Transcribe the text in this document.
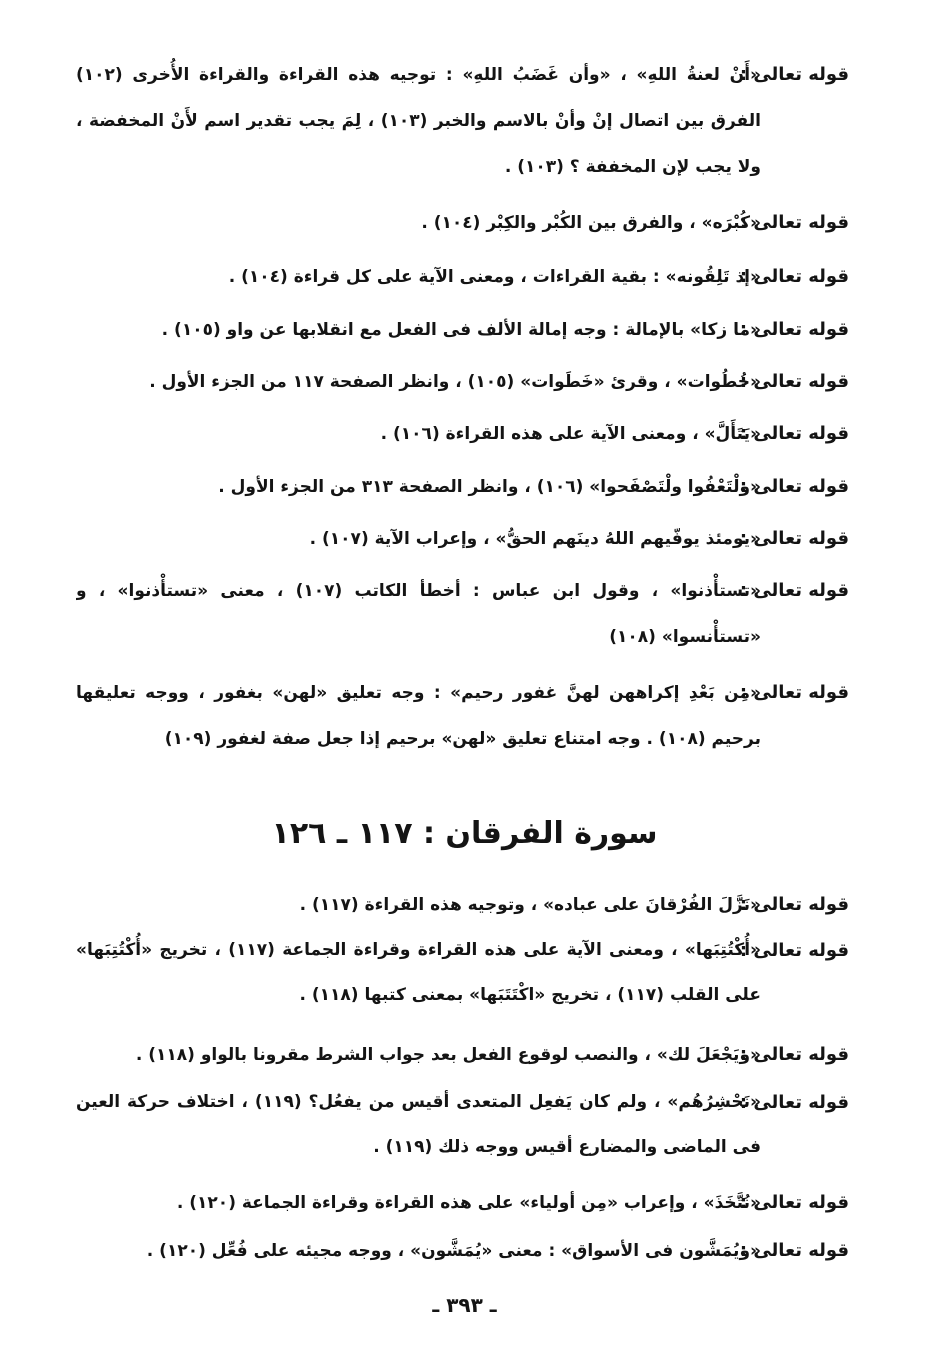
قوله تعالى :
«أَنْ لعنةُ اللهِ» ، «وأن غَضَبُ اللهِ» : توجيه هذه القراءة والقراءة الأُخرى (١٠٢) الفرق بين اتصال إنْ وأنْ بالاسم والخبر (١٠٣) ، لِمَ يجب تقدير اسم لأَنْ المخفضة ، ولا يجب لإن المخففة ؟ (١٠٣) .
قوله تعالى :
«كُبْرَه» ، والفرق بين الكُبْر والكِبْر (١٠٤) .
قوله تعالى :
«إذ تَلِقُونه» : بقية القراءات ، ومعنى الآية على كل قراءة (١٠٤) .
قوله تعالى :
«ما زكا» بالإمالة : وجه إمالة الألف فى الفعل مع انقلابها عن واو (١٠٥) .
قوله تعالى :
«خُطُوات» ، وقرئ «خَطَوات» (١٠٥) ، وانظر الصفحة ١١٧ من الجزء الأول .
قوله تعالى :
«يَتَأَلَّ» ، ومعنى الآية على هذه القراءة (١٠٦) .
قوله تعالى :
«ولْتَعْفُوا ولْتَصْفَحوا» (١٠٦) ، وانظر الصفحة ٣١٣ من الجزء الأول .
قوله تعالى :
«يومئذ يوفّيهم اللهُ دينَهم الحقُّ» ، وإعراب الآية (١٠٧) .
قوله تعالى :
«تستأْذنوا» ، وقول ابن عباس : أخطأ الكاتب (١٠٧) ، معنى «تستأْذنوا» ، و «تستأْنسوا» (١٠٨)
قوله تعالى :
«مِن بَعْدِ إكراههن لهنَّ غفور رحيم» : وجه تعليق «لهن» بغفور ، ووجه تعليقها برحيم (١٠٨) . وجه امتناع تعليق «لهن» برحيم إذا جعل صفة لغفور (١٠٩)
سورة الفرقان : ١١٧ ـ ١٢٦
قوله تعالى :
«نَزَّلَ الفُرْقانَ على عباده» ، وتوجيه هذه القراءة (١١٧) .
قوله تعالى :
«أُكْتُتِبَها» ، ومعنى الآية على هذه القراءة وقراءة الجماعة (١١٧) ، تخريج «أُكْتُتِبَها» على القلب (١١٧) ، تخريج «اكْتَتَبَها» بمعنى كتبها (١١٨) .
قوله تعالى :
«ويَجْعَلَ لك» ، والنصب لوقوع الفعل بعد جواب الشرط مقرونا بالواو (١١٨) .
قوله تعالى :
«نَحْشِرُهُم» ، ولم كان يَفعِل المتعدى أقيس من يفعُل؟ (١١٩) ، اختلاف حركة العين فى الماضى والمضارع أقيس ووجه ذلك (١١٩) .
قوله تعالى :
«نُتَّخَذَ» ، وإعراب «مِن أولياء» على هذه القراءة وقراءة الجماعة (١٢٠) .
قوله تعالى :
«ويُمَشَّون فى الأسواق» : معنى «يُمَشَّون» ، ووجه مجيئه على فُعِّل (١٢٠) .
ـ ٣٩٣ ـ
